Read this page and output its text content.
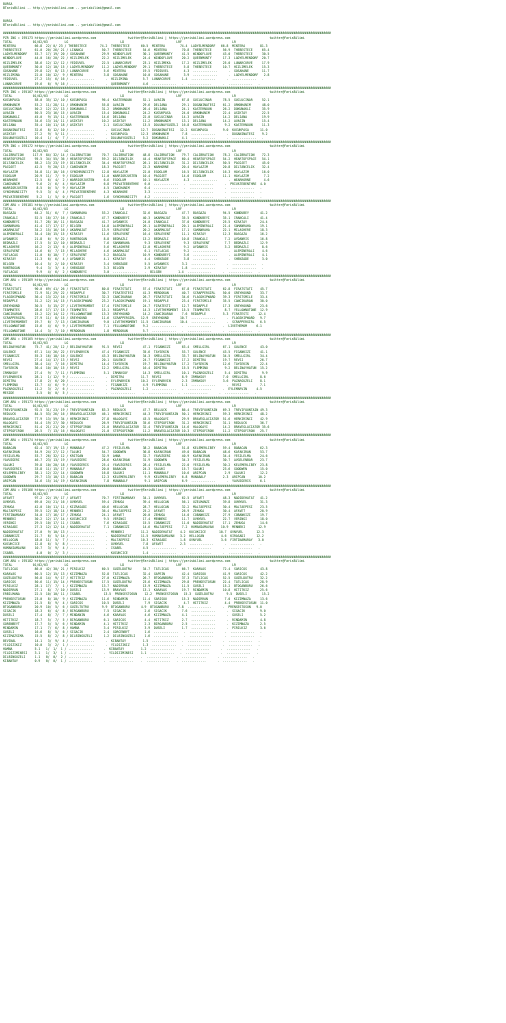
BURSA
BTarisBilimi -- http://yarisbilimi.com -- yarisbilimi@gmail.com
BURSA
BTarisBilimi -- http://yarisbilimi.com -- yarisbilimi@gmail.com
################################################################################################################################################################################
PZR ING = 195173 https://yarisbilimi.wordpress.com                 twitter@FarisBilimi | https://yarisbilimi.wordpress.com                     twitter@FarisBilimi
TOTAL           01/02/03         LG                            LD                            LRF                           LR
MINTERA          66.8  22/ 0/ 23 / THEBESTECE       74.2  THEBESTECE      60.5  MINTERA        74.4  LADYELMENDORF   66.8  MINTERA        81.3
THEBESTECE       61.0  20/ 26/ 21 / LINANCA          50.7  THEBESTECE      54.6  MINTERA        70.8  THEBESTECE      56.9  THEBESTECE     65.4
LADYELMENDORF    53.7  17/ 19/ 20 / GOSAHANE         29.9  WINDOFLOVE      30.1  QUEENMONTY     41.5  WINDOFLOVE      43.0  THEBESTECE     30.5
WINDOFLOVE       44.0  16/ 20/ 22 / HIZLIMELEK       22.2  HIZLIMELEK      24.4  WINDOFLOVE     20.2  QUEENMONTY      17.3  LADYELMENDORF  20.7
HIZLIMELEK       38.6  12/ 12/ 12 / YEDIUVEL         22.5  LUNARCURVE      23.1  HIZLIMEKA      17.2  HIZLIMELEK      25.0  LUNARCURVE     17.9
QUEENMONTY       30.0  12/ 10/ 15 / LADYELMENDORF    11.2  LADYELMENDORF   29.1  THEBESTECE      5.8  THEBESTECE      10.7  HIZLIMELEK     15.3
GOSAHANE         29.8  12/  8/ 13 / LUNARCURVE        5.6  MINTERA         19.5  YEDIUVEL        4.3  .............      .  GOSAHANE       11.7
HIZLIMINA        22.0  10/ 12/  9 / MINTERA           3.8  GOSAHANE        10.0  GOSAHANE        3.9  .............      .  LADYELMENDORF   2.8
YEDIUVEL         27.2  15/  6/ 16 / .............      .  HIZLIMINA        5.7  LUNARCURVE      1.4  .............      .  .............   .
LUNARCURVE       19.6   6/  9/ 16 / .............      .  QUEENMONTY       4.6  .............   .  .............      .  .............   .
################################################################################################################################################################################
PZR ING = 195167 https://yarisbilimi.wordpress.com                 twitter@FarisBilimi | https://yarisbilimi.wordpress.com                     twitter@FarisBilimi
TOTAL           01/02/03         LG                            LD                            LRF                           LR
KUCUKPASA        58.0  35/ 12/ 10 / KUCUKPASA        96.4  KASTERNOUN      52.1  AVASIN         67.8  GUCLUCINAR      78.5  GUCLUCINAR     52.1
ORKNHANIM        53.2  11/ 28/ 11 / ORKNHANIM        55.8  AVASIN          29.6  DELIANA        29.1  DOGANINATESI    61.2  ORKNHANIM      48.0
GUCLUCINAR       50.2  12/ 22/ 13 / DOKUNAKLI        31.2  ORKNHANIM       26.4  DELIANA        24.1  KASTERNOUN      26.2  DOKUNAKLI      35.9
AVASIN           50.5  23/ 16/ 15 / AVASIN           15.4  DOKUNAKLI       24.2  KUCUKPASA      24.0  ORKNHANIM       22.4  ASIKTAY        22.5
DOKUNAKLI        45.0   9/ 15/ 11 / KASTERNOUN       14.6  DELIANA         22.0  GUCLUCINAR     14.3  AVASIN          14.2  DELIANA        19.9
KASTERNOUN       34.6  13/ 14/ 11 / ASIKTAY          10.2  ASIKTAY         11.2  ORKNHANIM      13.1  DELIANA         14.2  AVASIN         15.4
DELIANA          35.4  10/ 11/ 18 / ASIKTAY           2.1  GUCLUCINAR      13.5  DOLUNAYGUZELI  16.8  KASTERNOUN       9.2  KASTERNOUN     11.3
DOGANINATESI     32.6   8/ 12/ 10 / .............      .  GUCLUCINAR      12.7  DOGANINATESI   12.2  KUCUKPASA        9.0  KUCUKPASA      11.0
ASIKTAY          27.2   9/  5/ 11 / .............      .  KUCUKPASA       12.3  ORKNHANIM       7.8  .............      .  DOGANINATESI    9.2
DOLUNAYGUZELI    10.4   1/  4/  7 / .............      .  DOLUNAYGUZELI    5.2  DOKUNAKLI       4.1  .............      .  .............   .
################################################################################################################################################################################
PZR ING = 195172 https://yarisbilimi.wordpress.com                 twitter@FarisBilimi | https://yarisbilimi.wordpress.com                     twitter@FarisBilimi
TOTAL           01/02/03         LG                            LD                            LRF                           LR
CALIBRATION     117.9  84/ 32/ 14 / CALIBRATION      70.7  CALIBRATION     48.8  CALIBRATION    79.7  CALIBRATION     78.2  CALIBRATION    72.3
HEARTOFSPACE     95.5  34/ 55/ 36 / HEARTOFSPACE     59.2  DILTANCELIK     44.4  HEARTOFSPACE   60.4  HEARTOFSPACE    54.2  HEARTOFSPACE   54.1
DILTANCELIK      58.2  13/ 23/ 19 / DILTANCELIK      34.4  HEARTOFSPACE    26.1  DILTANCELIK    31.2  DILTANCELIK     50.5  PACOJET        45.0
PACOJET          42.5   9/ 20/ 13 / CANCHANIM        18.3  PACOJET         22.3  WARHORNE       20.4  HAYLAZIM        20.8  DILTANCELIK    32.4
HAYLAZIM         34.8  11/ 10/ 16 / SYNCHRONICITY    12.8  HAYLAZIM        22.0  EGOGLUM        16.5  DILTANCELIK     16.3  HAYLAZIM       16.0
EGOGLUM          20.9  11/  7/  9 / EGOGLUM          11.0  WARRIORJUSTEN   10.4  PACOJET        14.0  EGOGLUM         11.1  HAYLAZIM        7.2
WEARHORE         12.5   6/  4/  2 / WARRIORJUSTEN     6.6  EGOGLUM         10.1  HAYLAZIM        4.3  .............      .  WEARHORNE       4.6
CANCHANIM         9.6   2/  6/  4 / HAYLAZIM          6.8  PRIVATEBENTHRE   6.0  .............   .  .............      .  PRIVATEBENTHRE  4.0
WARRIORJUSTEN     8.5   0/  5/  9 / HAYLAZIM          4.5  CANCHANIM        6.4  .............   .  .............      .  .............   .
SYNCHRONICITY     9.5   3/  4/  4 / PRIVATEBENTHRE    4.3  WEARHORE         3.3  .............   .  .............      .  .............   .
PRIVATEBENTHRE    5.2   1/  5/  0 / PACOJET           1.6  SYNCHRONICITY    4.2  .............   .  .............      .  .............   .
################################################################################################################################################################################
CUM ARA = 195181 http://yarisbilimi.wordpress.com                  twitter@FarisBilimi | https://yarisbilimi.wordpress.com                     twitter@FarisBilimi
TOTAL           01/02/03         LG                            LD                            LRF                           LR
BASGAZA          64.2  51/  6/  7 / SAMANRAHA        53.2  IRANCALI        32.6  BASGAZA        47.7  BASGAZA         94.5  KONDUBEY      41.2
IRANCALI         52.5  18/ 27/ 16 / IRANCALI         47.7  KONDUBEYI       40.3  AKARMAJAT      35.5  KONDUBEYI       35.1  IRANCALI      41.4
KONDUBEYI        51.7  28/ 16/ 11 / BASGAZA          41.7  AYDANRIS        24.0  IRANCALI       37.0  KONDUBEYI       25.5  KIRATAY       24.4
SAMANRAHA        41.4  17/ 17/ 17 / BILGEN           14.8  ALEMINERALI     26.1  ALEMINERALI    20.1  ALEMINERALI     21.4  SAMANRAHA     19.1
AKARMAJAT        34.2  15/ 16/ 16 / AKARMAJAT        13.9  SERLEVENT       20.2  AKARMAJAT      17.1  SAMANRAHA       22.1  MILASHERE     18.3
ALEMINERALI      34.4  10/ 15/ 15 / KIRATAY          11.6  SERLEVENT       16.4  SERLEVENT      11.1  KIRATAY         12.3  BASGAZA       16.2
AYDANRIS         21.8   6/  9/ 22 / RUNTBOGAN         8.8  BEDRAZLI        13.2  BEDRAZLI       10.8  IRANCALI         7.2  AYDANRIS      16.8
BEDRAZLI         17.5   5/ 12/ 10 / BEDRAZLI          7.6  SAMANRAHA        9.3  SERLEVENT       9.3  SERLEVENT        7.7  BEDRAZLI      12.9
MILASHERE        16.2   2/ 13/  6 / ALEMINERALI       5.6  MILASHERE       12.0  MILASHERE       9.2  AYDANRIS         3.2  BEDRAZLI       8.6
SERLEVENT        14.6   6/  7/ 15 / MILASHERE         4.6  AKARMAJAT        6.1  YATLACAG        9.2  .............      .  ALEMINERALI    4.6
YATLACAG         11.0   6/ 10/  7 / SERLEVENT         5.2  BASGAZA         10.9  KONDUBEYI       3.6  .............      .  ALEMINERALI    4.1
KIRATAY          11.3   6/  6/  4 / AYDANRIS          4.1  KIRATAY          4.4  SHENZADE        3.8  .............      .  SHENZADE       3.0
BILGEN           10.4   5/  2/ 10 / KIRATAY           3.4  SHENZADE         5.5  AYDANRIS       3.2  .............      .  .............   .
RUNTBOGAN         9.4   3/  3/  4 / SHENZADE          3.3  BILGEN           2.9  KIRATAY        1.8  .............      .  .............   .
YATLACAG          9.9   4/  6/  2 / KONDUBEYI         3.0  .............    .  BILGEN         1.4  .............      .  .............   .
################################################################################################################################################################################
CUM ARA = 195169 http://yarisbilimi.wordpress.com                  twitter@FarisBilimi | https://yarisbilimi.wordpress.com                     twitter@FarisBilimi
TOTAL           01/02/03         LG                            LD                            LRF                           LR
FIRATSTATI       90.0  69/ 41/ 26 / FIRATSTATI       80.8  FIRATSTATI      57.4  FIRATSTATI     67.8  FIRATSTATI      62.8  FIRATSTATI    45.7
FIRSTSMILE       72.9  51/ 29/ 22 / REDAPPLE         30.7  FIRATESTESI     41.3  MERDOKAN       40.7  SCRAPPERGIRL    50.0  GREYHOUND     33.7
FLAGSHIPWARD     36.4  13/ 22/ 16 / FIRSTSMILE       32.3  CANCIKARAN      26.7  FIRATSTATI     34.6  FLAGSHIPWARD    39.3  FIRSTSMILE    33.4
REDAPPLE         31.2  12/ 14/ 15 / FLAGSHIPWARD     23.2  FLAGSHIPWARD    19.1  REDAPPLE       23.4  FIRSTSMILE      35.5  CANCIKARAN    30.0
GREYHOUND        30.5   5/ 15/ 27 / LIVETHEMOMENT    17.4  FIRSTSMILE      24.7  FIRATESTI      12.7  REDAPPLE        17.3  GREYHOUND     23.6
TEAMMATES        28.6  17/ 17/ 15 / TEAMMATES        15.1  REDAPPLE        14.3  LIVETHEMOMENT  15.5  TEAMMATES        8.7  YELLOWNOTONE  12.9
CANCIKARAN       15.2  12/ 14/ 12 / YELLOWNOTONE     13.3  GREYHOUND       14.2  CANCIKARAN     7.6  REDAPPLE         5.3  FIRATESTI     12.4
SCRAPPERGIRL     27.9  11/  8/ 15 / GREYHOUND        11.6  SCRAPPERGIRL   12.9  GREYHOUND      10.7  .............      .  FLAGSHIPWARD   9.7
LIVETHEMOMENT    19.7   6/  7/ 13 / CANCIKARAN        9.0  LIVETHEMOMENT  11.5  CANCIKARAN     10.4  .............      .  SCRAPPERGIRL   6.5
YELLOWNOTONE     15.6   4/  6/  9 / LIVETHEMOMENT     7.1  YELLOWNOTONE    9.2  .............   .  .............      .  LIVETHEMOM     6.1
YELLOWNOTONE     14.4   3/  7/ 10 / MERDOKAN          1.8  MERDOKAN        5.7  .............   .  .............      .  .............   .
################################################################################################################################################################################
CUM ARA = 195165 https://yarisbilimi.wordpress.com                 twitter@FarisBilimi | https://yarisbilimi.wordpress.com                     twitter@FarisBilimi
TOTAL           01/02/03         LG                            LD                            LRF                           LR
BELINAYHATUN     75.7  41/ 20/ 12 / BELINAYHATUN     91.5  REVSI           47.1  FIGANKIZI      63.4  SMELLGIRL       67.1  GULENCE       43.0
GULENCE          67.1  14/ 26/ 22 / EYLEMARVIN       47.4  FIGANKIZI       35.6  TAYSEKIN       53.7  GULENCE         43.5  FIGANKIZI     41.1
FIGANKIZI        55.3  16/ 18/ 16 / GULENCE          43.3  BELINAYHATUN    34.3  SMELLGIRL      33.7  BELINAYHATUN    34.5  SMELLGIRL     34.4
REVSI            27.4  14/ 17/ 13 / REVSI            20.1  GULENCE         24.7  FIGANKIZI      17.2  DIMITRA         19.7  REVSI         26.7
SMELLGIRL        38.4  14/  7/ 16 / DIMITRA          14.4  TAYSEKIN        19.7  BELINAYHATUN   17.2  TAYSEKIN        12.6  TAYSEKIN      22.4
TAYSEKIN         36.4  10/ 10/ 15 / REVSI            12.2  SMELLGIRL       16.4  DIMITRA        15.5  FLEMMINO         9.2  BELINAYHATUN  15.2
IRMAKSOY         27.4   9/  7/ 11 / FLEMMINO          5.1  IRMAKSOY        14.3  SMELLGIRL      10.1  PAZARGUZELI      5.4  DIMITRA        9.9
EYLEMARVIN       28.1   1/ 12/  9 / .............      .  DIMITRA         11.7  REVSI           8.9  IRMAKSOY         7.0  SMELLGIRL      8.6
DIMITRA          17.8   2/  6/ 20 / .............      .  EYLEMARVIN      10.2  EYLEMARVIN      2.3  IRMAKSOY         3.6  PAZARGUZELI    8.1
FLEMMINO         13.7   4/  6/  9 / .............      .  FIGANKIZI        4.9  FLEMMINO        1.1  .............      .  REVSI          7.1
PAZARGUZELI      11.2   3/  2/  6 / .............      .  PAZARGUZELI      1.2  .............   .  .............      .  EYLEMARVIN     4.5
MESIDE            3.5   0/  0/  5 / .............      .  .............    .  .............   .  .............      .  .............   .
################################################################################################################################################################################
CUM ARA = 195173 https://yarisbilimi.wordpress.com                 twitter@FarisBilimi | https://yarisbilimi.wordpress.com                     twitter@FarisBilimi
TOTAL           01/02/03         LG                            LD                            LRF                           LR
TREVIFOUNTAIN    92.5  31/ 23/ 19 / TREVIFOUNTAIN    83.3  REDLUCK         47.7  BELLUCK        86.4  TREVIFOUNTAIN   69.3  TREVIFOUNTAIN 49.3
REDLUCK          84.5  53/ 26/ 16 / BRAVEGLACIATOR   46.1  HERKIRINCI      44.3  TREVIFOUNTAIN  50.1  HERKIRINCI      59.3  HERKIRINCI    48.2
BRAVEGLACIATOR   77.9  13/ 59/ 34 / HERKIRINCI       27.8  HALOGAYI        43.5  HALOGAYI       29.9  BRAVEGLACIATOR  51.6  HERKIRINCI    42.9
HALOGAYI         54.4  19/ 27/ 30 / REDLUCK          26.9  TREVIFOUNTAIN   35.6  STEPSOFIRON    31.2  HERKIRINCI      31.1  REDLUCK       36.7
HERKIRINCI       51.4  21/ 21/ 20 / STEPSOFIRON      21.0  BRAVEGLACIATOR  32.4  TREVIFOUNTAIN  14.6  HALOGAYI        14.2  BRAVEGLACIATOR 35.6
STEPSOFIRON      26.5   7/ 13/ 16 / HALOGAYI         21.0  STEPSOFIRON     11.2  BRAVEGLACIATOR 10.3  STEPSOFIRON     11.2  STEPSOFIRON   25.7
################################################################################################################################################################################
CUM ARA = 195174 https://yarisbilimi.wordpress.com                 twitter@FarisBilimi | https://yarisbilimi.wordpress.com                     twitter@FarisBilimi
TOTAL           01/02/03         LG                            LD                            LRF                           LR
BABACAN          62.4  37/ 19/ 13 / MUNABALF         47.2  YESILELMA       38.2  BABACAN        51.8  KELEMERLIBEY    59.4  BABACAN       62.3
KAFAKIRAN        54.9  24/ 27/ 12 / TALUKI           54.7  GOODWEN         36.8  KAFAKIRAN      49.0  BABACAN         48.6  KAFAKIRAN     53.7
YESILELMA        53.7  26/ 32/ 12 / KRITOAN          32.9  AHNA            32.7  YAVUZGERI      40.9  KAFAKIRAN       34.4  YESILELMA     24.6
YAVUZGERI        46.7  23/ 13/ 19 / YAVUZGERI        28.6  KAFAKIRAN       31.9  GOODWEN        34.3  YESILELMA       30.7  AVGELENBAR    23.7
SALUKI           39.8  10/ 20/ 18 / YAVUZGERIS       25.4  YAVUZGERIS      28.4  YESILELMA      22.0  YESILELMA       30.2  KELEMERLIBEY  23.8
YAVUZGERIS       33.8  11/ 15/ 17 / MUNABALF         20.0  BABACAN         24.3  SALUKI         15.7  SALUKI          23.6  GOODWEN       15.0
KELEMERLIBEY     38.1  12/ 22/ 14 / GOODWEN          16.8  SALUKI          11.1  MUNABALF       10.6  ARIPCAN          2.9  SALUKI        12.2
GOODWEN          29.7  13/ 10/ 13 / BABACAN          12.3  KELEMERLIBEY     9.9  KELEMERLIBEY   6.8  MUNABALF         2.3  ARIPCAN       10.2
ARIPCAN          34.6  15/ 14/ 19 / KAFAKIRAN         7.8  MUNABALF         9.1  ARIPCAN        6.9  .............      .  YAVUZGERIS     6.1
################################################################################################################################################################################
CUM ARA = 195166 https://yarisbilimi.wordpress.com                 twitter@FarisBilimi | https://yarisbilimi.wordpress.com                     twitter@FarisBilimi
TOTAL           01/02/03         LG                            LD                            LRF                           LR
AFAVET           97.2  22/ 19/ 17 / AFAVET           70.7  FIRTINAMARAY    34.1  OVNYUEL        62.5  AFAVET          48.3  NADIDEHATAT   41.2
OVNYUEL          69.0  24/ 21/ 16 / OVNYUEL          59.4  ZEHUGA          39.4  HELLOCAN       56.1  UZELMANZI       39.8  OVNYUEL       31.3
ZEHUGA           42.0  10/ 11/ 11 / KIZRASADI        40.6  HELLOCAN        28.7  HELLOCAN       32.2  MALTAEPESI      30.4  MALTAEPESI    23.5
MALTAEPESI       39.5  12/ 18/ 14 / MENNEKI          36.4  MALTAEPESI      25.2  AFAVET         26.9  ZEHUGA          30.4  AFAVET        20.9
FIRTINAMARAY     34.0  17/ 16/ 17 / ZEHUGA           24.1  AFAVET          20.0  ZEHUGA         14.0  COBANKIZI       27.9  COBANKIZI     19.7
MENNEKI          30.2  12/ 17/ 14 / KUCUKCICE         9.5  VERINGI         17.4  MENNEKI        11.7  OVNYUEL         22.7  VERINGI       18.0
VERINGI          29.5  10/ 17/ 11 / ISABEL            7.6  KIRASADI        15.5  COBANKIZI      11.0  NADIDEHATAT     17.1  ZEHUGA        14.6
KIRASADI         27.3  12/ 12/ 14 / NADIDEHATAT       7.1  COBANKIZI       14.6  MALTAEPESI     7.2  HUMANIAMAVAN    10.9  MENNEKI       12.9
NADIDEHATAT      27.0   9/ 10/ 13 / .............      .  MENNEKI         11.2  NADIDEHATAT    4.2  KUCUKCICE       10.7  OVNYUEL       12.3
COBANKIZI        21.7   6/  5/ 14 / .............      .  NADIDEHATAT     11.5  HUMANIAMAVAN   3.2  HELLOCAN         4.6  KIRASADI      12.2
HELLOCAN         18.0  11/  5/  7 / .............      .  MALTAEPESI      10.3  KIRASADI       1.8  OVNYUEL          3.6  FIRTINAMARAY   3.0
KUCUKCICE        12.8   6/  5/  8 / .............      .  OVNYUEL          7.8  AFAVET         2.3  .............      .  .............   .
HUMANIAMAVAN     10.7   3/  9/  4 / .............      .  ISABEL           4.5  .............   .  .............      .  .............   .
ISABEL            4.0   0/  2/  3 / .............      .  KUCUKCICE        1.4  .............   .  .............      .  .............   .
################################################################################################################################################################################
CUM ARA = 195182 https://yarisbilimi.wordpress.com                 twitter@FarisBilimi | https://yarisbilimi.wordpress.com                     twitter@FarisBilimi
TOTAL           01/02/03         LG                            LD                            LRF                           LR
TATLICAG         86.0  42/ 30/ 21 / PIRILKIZ         60.5  GUZELDUTRU      34.7  TATLICAG       66.7  KARAVAS         72.4  SARICOS       43.8
KARAVAS          60.5  12/ 15/ 13 / KIZIMNAZA        52.8  TATLICAG        32.4  GAPEIN         42.4  SARISOU         41.9  SARICOS       42.2
GUZELDUTRU       56.8  14/  9/ 17 / HITITKIZ         27.0  KIZIMNAZA       26.7  BTOGANBORU     37.3  TATLICAG        52.5  GUZELDUTRU    32.2
SARICOS          50.6  11/ 15/ 14 / PRENSESTOSUN     17.5  GUZELDUTRU      23.6  KIZIMNAZA      29.8  PRENSESTOSUN    22.4  TATLICAG      28.9
PIRILKIZ         28.1  17/  7/  1 / KIZIMNAZA        13.7  NADIRRAN        13.9  KIZIMNAZA      11.5  GUSELI          15.2  BTOGANBORU    26.6
NADIRRAN         27.1   8/  7/ 10 / DUSELI           13.9  BRAVVAS         13.1  KARAVAS        19.7  RINDAMIN        10.8  HITITKIZ      25.6
ERBILMANA        22.5  10/ 10/ 11 / ISABEL            13.5  PRENSESTOSUN    12.2  PRENSESTOSUN   15.3  GUZELDUTRU       9.5  DUSELI        15.2
PRENSESTOSUN     23.0   8/ 10/  9 / KIZIMNAZA        11.6  RINDAMIN        11.4  SARISOU        15.3  NADIRRAN         7.0  KIZIMNAZA     13.6
KIZIMNAZA        21.5   8/  9/  4 / SARICOS          10.5  DUSELI           7.9  SIGACIK         4.7  HITITKIZ         4.4  PRENSESTOSUN  11.0
BTOGANBORU       20.9  10/  5/  6 / GUZELTUTRU       9.9  BTOGANBORU      4.9  BTOGANBORU     7.8  .............      .  PRENSESTOSUN   9.0
SIGACIK          18.3   6/  4/  8 / BIRGANBORU        7.5  SIGACIK          2.6  SIGACIK        7.6  .............      .  SIGACIK        9.0
DUSELI           17.4   8/  7/  7 / MINDANIN          4.6  KARAVAS          4.6  KIZIMNAZA      4.1  .............      .  GUSELI         5.2
HITITKIZ         18.7   5/  7/  5 / BIRGANBORU        6.1  SARICOS          4.4  HITITKIZ       2.7  .............      .  RINDAMIN       4.8
GORENBEYT        17.7   5/  5/  6 / RINDAMIN          4.1  HITITKIZ         2.3  BIRGANBORU     2.5  .............      .  KIZIMNAZA      2.5
MINDAMIN         17.1   7/  6/  8 / HAMNA             3.4  PIRILKIZ         3.9  DUSELI         1.7  .............      .  PIRILKIZ       3.6
GUSELI           16.6   8/  5/  6 / SIGACIK           2.4  GORCENBYT        1.6  .............   .  .............      .  .............   .
KIZIMAZSIMA      15.5   8/  2/  8 / DILBINGUZELI      1.2  DILBINGUZELI     1.6  .............   .  .............      .  .............   .
BEVINAL          14.1   3/  9/  4 / .............      .  KIBANTAY         1.5  .............   .  .............      .  .............   .
YILDIZIKIZ       10.0   3/  2/  1 / .............      .  YILDIZIKIZ       1.3  .............   .  .............      .  .............   .
HAMNA            5.1   1/  1/  1 / .............      .  KIBANTAY         1.2  .............   .  .............      .  .............   .
YILDIZIMINESI    3.1   1/  3/  1 / .............      .  YILDIZIMINESI    1.1  .............   .  .............      .  .............   .
DILBINGUZELI     1.1   0/  0/  2 / .............      .  .............    .  .............   .  .............      .  .............   .
KIBANTAY         0.9   0/  0/  1 / .............      .  .............    .  .............   .  .............      .  .............   .
